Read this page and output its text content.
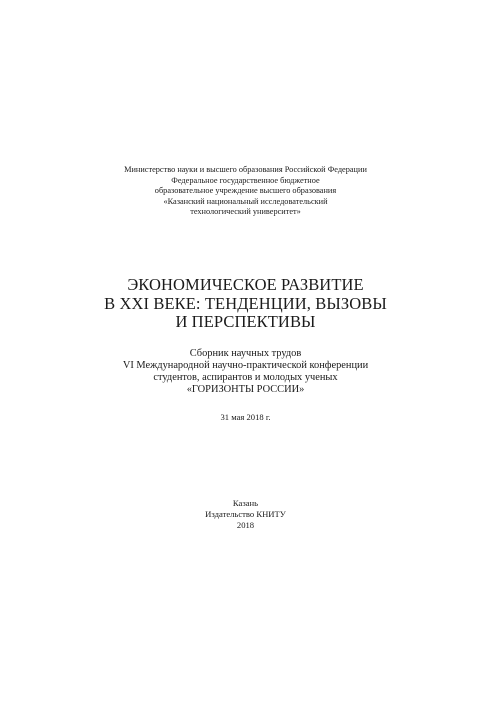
Министерство науки и высшего образования Российской Федерации
Федеральное государственное бюджетное
образовательное учреждение высшего образования
«Казанский национальный исследовательский
технологический университет»
ЭКОНОМИЧЕСКОЕ РАЗВИТИЕ
В XXI ВЕКЕ: ТЕНДЕНЦИИ, ВЫЗОВЫ
И ПЕРСПЕКТИВЫ
Сборник научных трудов
VI Международной научно-практической конференции
студентов, аспирантов и молодых ученых
«ГОРИЗОНТЫ РОССИИ»
31 мая 2018 г.
Казань
Издательство КНИТУ
2018
